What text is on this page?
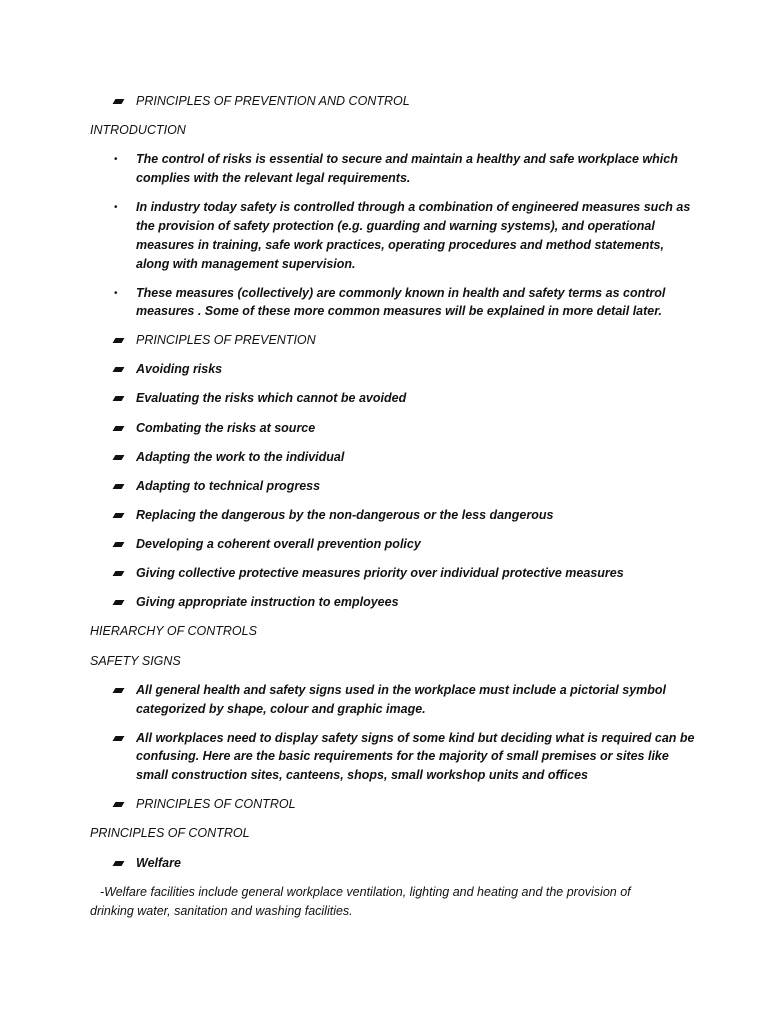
PRINCIPLES OF PREVENTION AND CONTROL
INTRODUCTION
• The control of risks is essential to secure and maintain a healthy and safe workplace which
complies with the relevant legal requirements.
• In industry today safety is controlled through a combination of engineered measures such as
the provision of safety protection (e.g. guarding and warning systems), and operational
measures in training, safe work practices, operating procedures and method statements,
along with management supervision.
• These measures (collectively) are commonly known in health and safety terms as control
measures . Some of these more common measures will be explained in more detail later.
PRINCIPLES OF PREVENTION
Avoiding risks
Evaluating the risks which cannot be avoided
Combating the risks at source
Adapting the work to the individual
Adapting to technical progress
Replacing the dangerous by the non-dangerous or the less dangerous
Developing a coherent overall prevention policy
Giving collective protective measures priority over individual protective measures
Giving appropriate instruction to employees
HIERARCHY OF CONTROLS
SAFETY SIGNS
All general health and safety signs used in the workplace must include a pictorial symbol
categorized by shape, colour and graphic image.
All workplaces need to display safety signs of some kind but deciding what is required can be
confusing. Here are the basic requirements for the majority of small premises or sites like
small construction sites, canteens, shops, small workshop units and offices
PRINCIPLES OF CONTROL
PRINCIPLES OF CONTROL
Welfare
-Welfare facilities include general workplace ventilation, lighting and heating and the provision of
drinking water, sanitation and washing facilities.
